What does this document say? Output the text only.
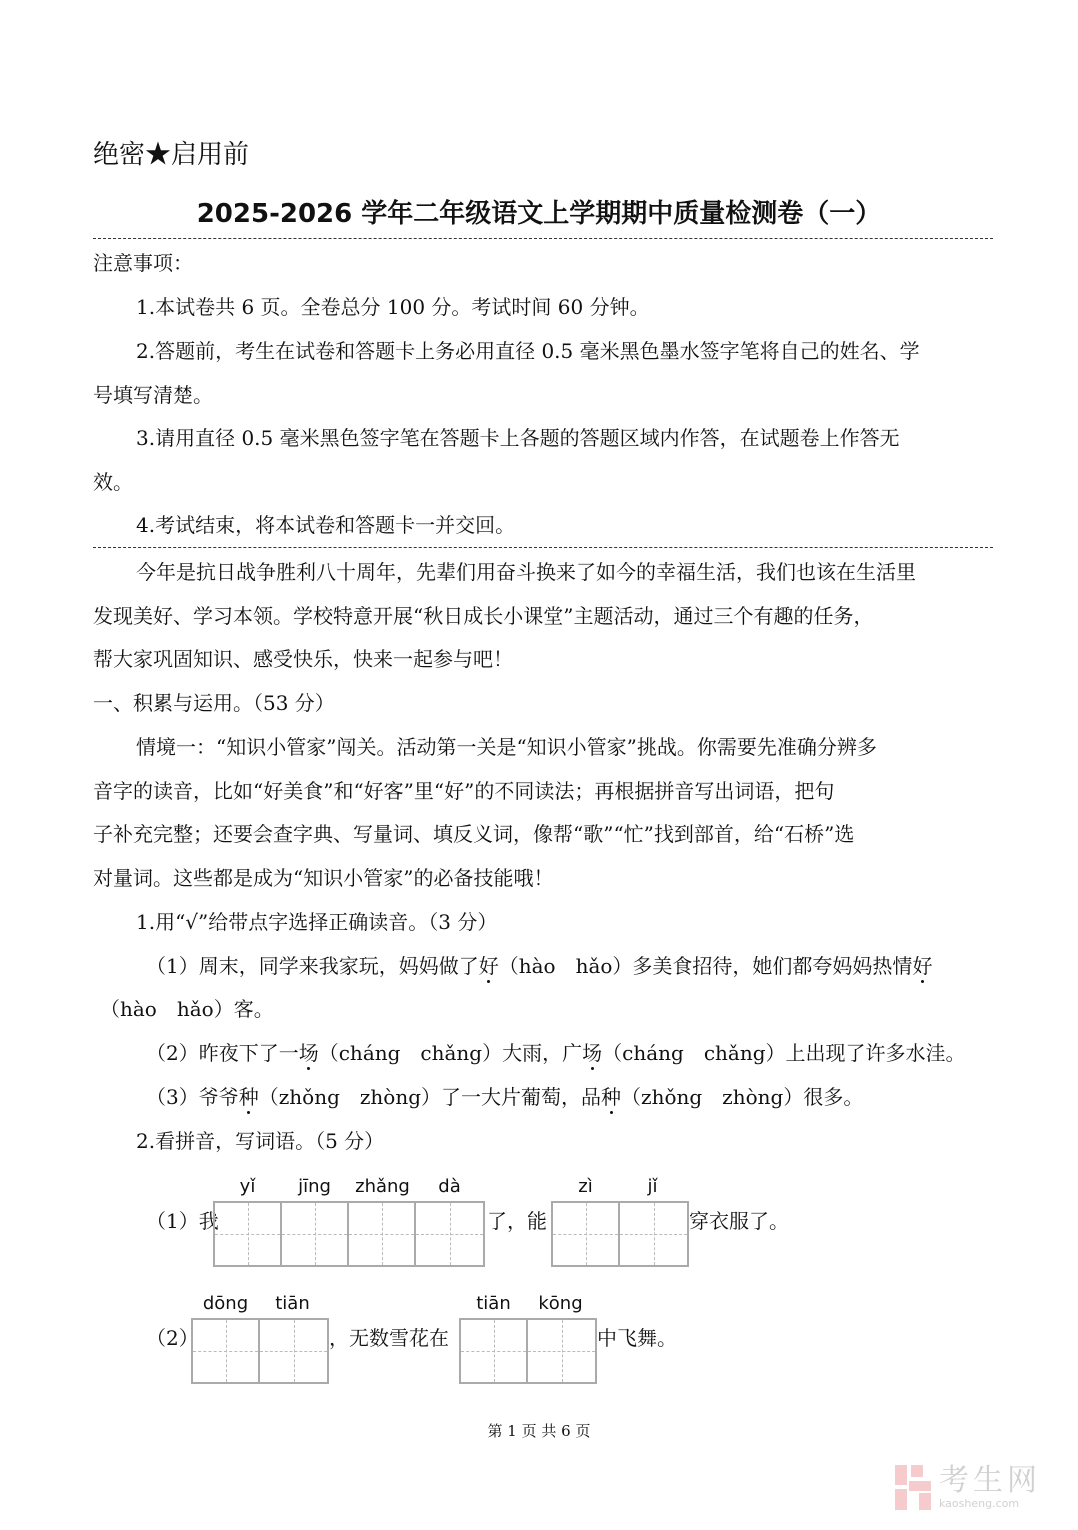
绝密★启用前
2025-2026 学年二年级语文上学期期中质量检测卷（一）
注意事项：
1.本试卷共 6 页。全卷总分 100 分。考试时间 60 分钟。
2.答题前，考生在试卷和答题卡上务必用直径 0.5 毫米黑色墨水签字笔将自己的姓名、学
号填写清楚。
3.请用直径 0.5 毫米黑色签字笔在答题卡上各题的答题区域内作答，在试题卷上作答无
效。
4.考试结束，将本试卷和答题卡一并交回。
今年是抗日战争胜利八十周年，先辈们用奋斗换来了如今的幸福生活，我们也该在生活里
发现美好、学习本领。学校特意开展“秋日成长小课堂”主题活动，通过三个有趣的任务，
帮大家巩固知识、感受快乐，快来一起参与吧！
一、积累与运用。（53 分）
情境一：“知识小管家”闯关。活动第一关是“知识小管家”挑战。你需要先准确分辨多
音字的读音，比如“好美食”和“好客”里“好”的不同读法；再根据拼音写出词语，把句
子补充完整；还要会查字典、写量词、填反义词，像帮“歌”“忙”找到部首，给“石桥”选
对量词。这些都是成为“知识小管家”的必备技能哦！
1.用“√”给带点字选择正确读音。（3 分）
（1）周末，同学来我家玩，妈妈做了好（hào　hǎo）多美食招待，她们都夸妈妈热情好
（hào　hǎo）客。
（2）昨夜下了一场（cháng　chǎng）大雨，广场（cháng　chǎng）上出现了许多水洼。
（3）爷爷种（zhǒng　zhòng）了一大片葡萄，品种（zhǒng　zhòng）很多。
2.看拼音，写词语。（5 分）
（1）我
yǐ	jīng	zhǎng	dà
了，能
zì	jǐ
穿衣服了。
（2）
dōng	tiān
，无数雪花在
tiān	kōng
中飞舞。
第 1 页 共 6 页
考生网
kaosheng.com
